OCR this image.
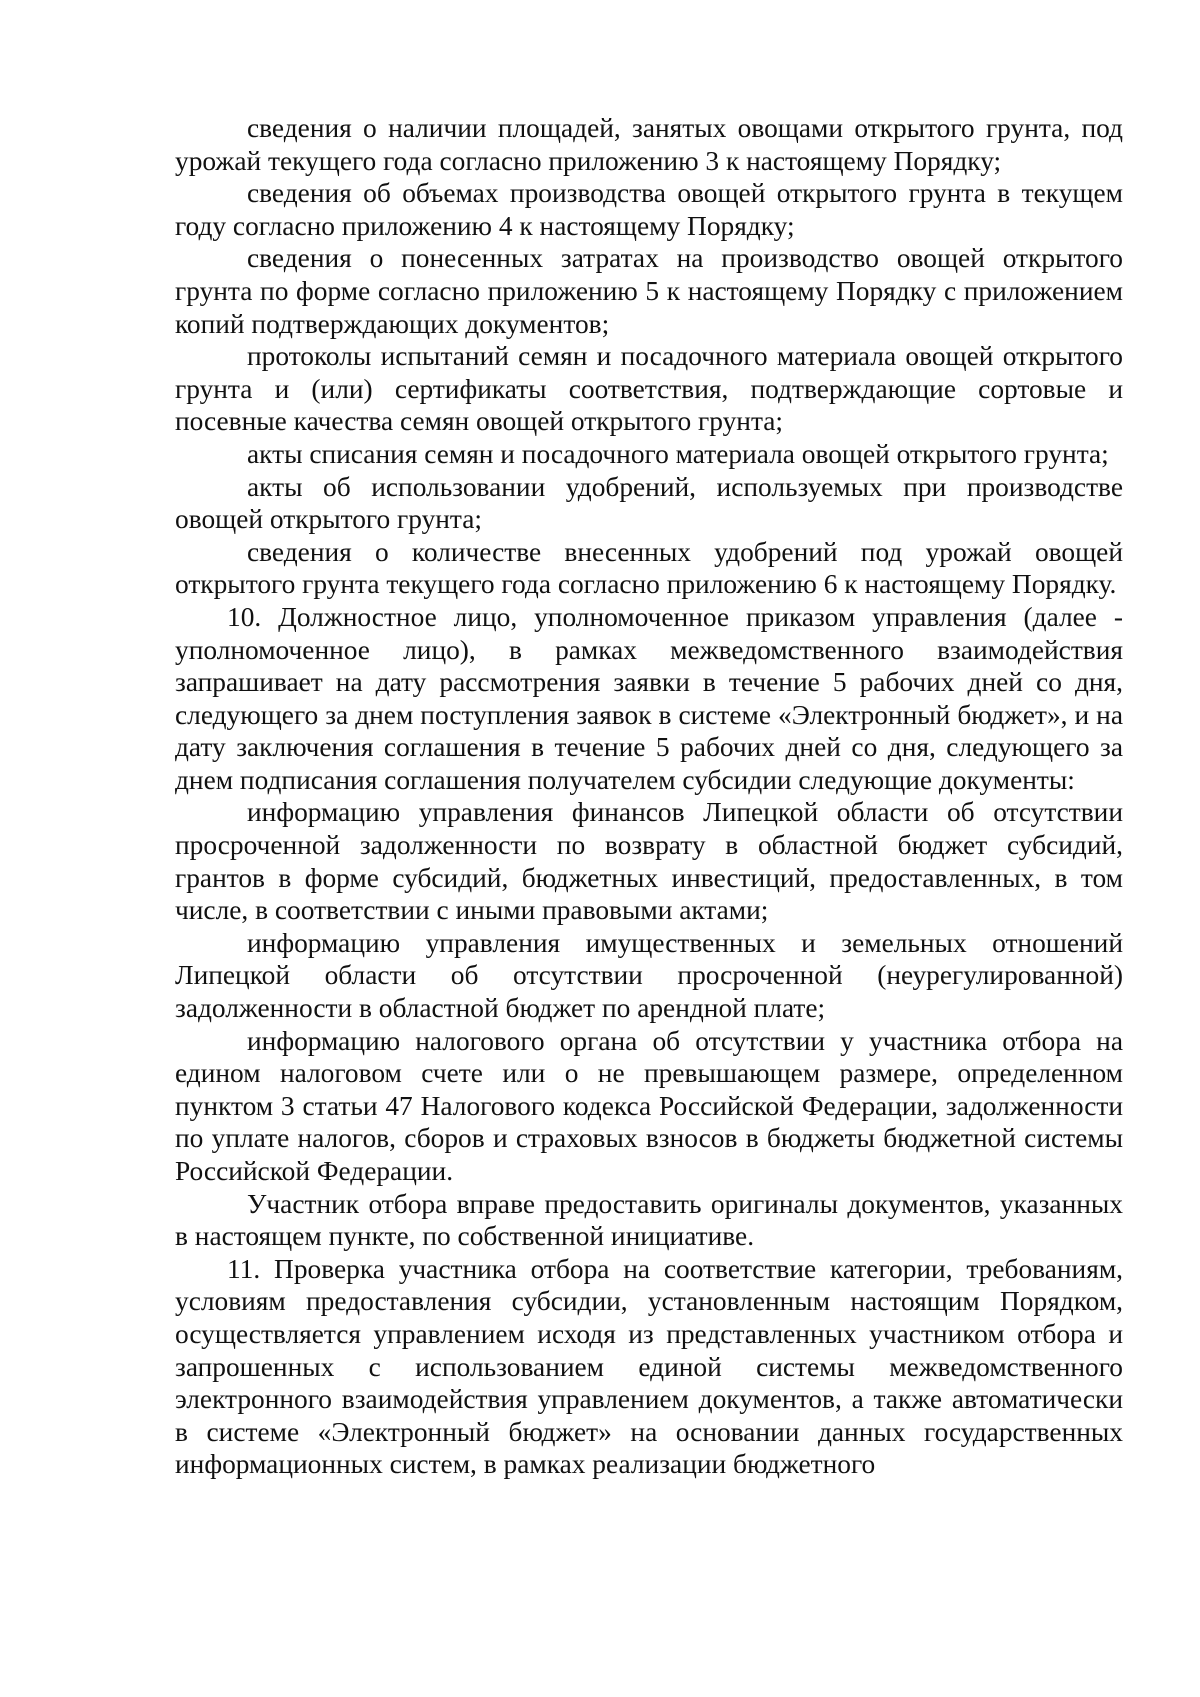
сведения о наличии площадей, занятых овощами открытого грунта, под урожай текущего года согласно приложению 3 к настоящему Порядку;

сведения об объемах производства овощей открытого грунта в текущем году согласно приложению 4 к настоящему Порядку;

сведения о понесенных затратах на производство овощей открытого грунта по форме согласно приложению 5 к настоящему Порядку с приложением копий подтверждающих документов;

протоколы испытаний семян и посадочного материала овощей открытого грунта и (или) сертификаты соответствия, подтверждающие сортовые и посевные качества семян овощей открытого грунта;

акты списания семян и посадочного материала овощей открытого грунта;

акты об использовании удобрений, используемых при производстве овощей открытого грунта;

сведения о количестве внесенных удобрений под урожай овощей открытого грунта текущего года согласно приложению 6 к настоящему Порядку.

10. Должностное лицо, уполномоченное приказом управления (далее - уполномоченное лицо), в рамках межведомственного взаимодействия запрашивает на дату рассмотрения заявки в течение 5 рабочих дней со дня, следующего за днем поступления заявок в системе «Электронный бюджет», и на дату заключения соглашения в течение 5 рабочих дней со дня, следующего за днем подписания соглашения получателем субсидии следующие документы:

информацию управления финансов Липецкой области об отсутствии просроченной задолженности по возврату в областной бюджет субсидий, грантов в форме субсидий, бюджетных инвестиций, предоставленных, в том числе, в соответствии с иными правовыми актами;

информацию управления имущественных и земельных отношений Липецкой области об отсутствии просроченной (неурегулированной) задолженности в областной бюджет по арендной плате;

информацию налогового органа об отсутствии у участника отбора на едином налоговом счете или о не превышающем размере, определенном пунктом 3 статьи 47 Налогового кодекса Российской Федерации, задолженности по уплате налогов, сборов и страховых взносов в бюджеты бюджетной системы Российской Федерации.

Участник отбора вправе предоставить оригиналы документов, указанных в настоящем пункте, по собственной инициативе.

11. Проверка участника отбора на соответствие категории, требованиям, условиям предоставления субсидии, установленным настоящим Порядком, осуществляется управлением исходя из представленных участником отбора и запрошенных с использованием единой системы межведомственного электронного взаимодействия управлением документов, а также автоматически в системе «Электронный бюджет» на основании данных государственных информационных систем, в рамках реализации бюджетного
